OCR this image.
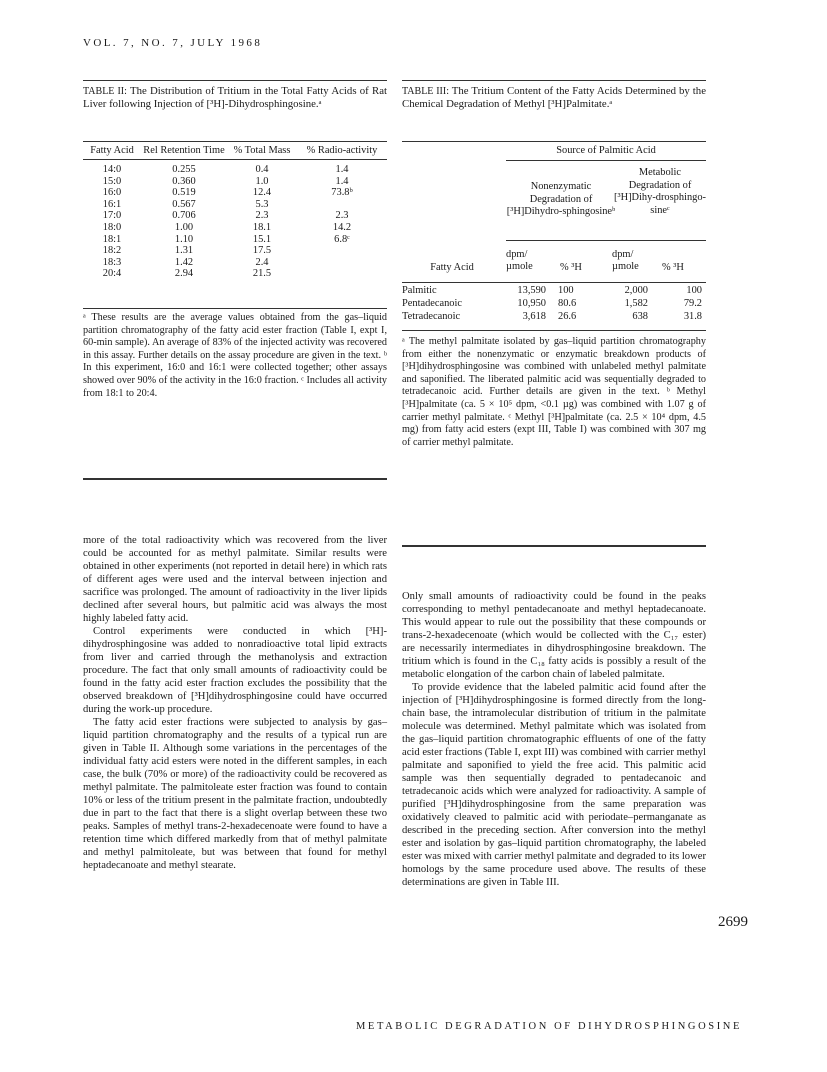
VOL. 7, NO. 7, JULY 1968
TABLE II: The Distribution of Tritium in the Total Fatty Acids of Rat Liver following Injection of [³H]-Dihydrosphingosine.ᵃ
Fatty Acid	Rel Retention Time	% Total Mass	% Radio-activity

14:0	0.255	0.4	1.4
15:0	0.360	1.0	1.4
16:0	0.519	12.4	73.8ᵇ
16:1	0.567	5.3	
17:0	0.706	2.3	2.3
18:0	1.00	18.1	14.2
18:1	1.10	15.1	6.8ᶜ
18:2	1.31	17.5	
18:3	1.42	2.4	
20:4	2.94	21.5	
ᵃ These results are the average values obtained from the gas–liquid partition chromatography of the fatty acid ester fraction (Table I, expt I, 60-min sample). An average of 83% of the injected activity was recovered in this assay. Further details on the assay procedure are given in the text. ᵇ In this experiment, 16:0 and 16:1 were collected together; other assays showed over 90% of the activity in the 16:0 fraction. ᶜ Includes all activity from 18:1 to 20:4.
TABLE III: The Tritium Content of the Fatty Acids Determined by the Chemical Degradation of Methyl [³H]Palmitate.ᵃ
Source of Palmitic Acid
Nonenzymatic Degradation of [³H]Dihydro-sphingosineᵇ
Metabolic Degradation of [³H]Dihy-drosphingo-sineᶜ
Fatty Acid
dpm/ µmole	% ³H
dpm/ µmole	% ³H
Palmitic	13,590 100	2,000	100
Pentadecanoic	10,950 80.6	1,582	79.2
Tetradecanoic	3,618 26.6	638	31.8
ᵃ The methyl palmitate isolated by gas–liquid partition chromatography from either the nonenzymatic or enzymatic breakdown products of [³H]dihydrosphingosine was combined with unlabeled methyl palmitate and saponified. The liberated palmitic acid was sequentially degraded to tetradecanoic acid. Further details are given in the text. ᵇ Methyl [³H]palmitate (ca. 5 × 10⁵ dpm, <0.1 µg) was combined with 1.07 g of carrier methyl palmitate. ᶜ Methyl [³H]palmitate (ca. 2.5 × 10⁴ dpm, 4.5 mg) from fatty acid esters (expt III, Table I) was combined with 307 mg of carrier methyl palmitate.

more of the total radioactivity which was recovered from the liver could be accounted for as methyl palmitate. Similar results were obtained in other experiments (not reported in detail here) in which rats of different ages were used and the interval between injection and sacrifice was prolonged. The amount of radioactivity in the liver lipids declined after several hours, but palmitic acid was always the most highly labeled fatty acid.

Control experiments were conducted in which [³H]-dihydrosphingosine was added to nonradioactive total lipid extracts from liver and carried through the methanolysis and extraction procedure. The fact that only small amounts of radioactivity could be found in the fatty acid ester fraction excludes the possibility that the observed breakdown of [³H]dihydrosphingosine could have occurred during the work-up procedure.

The fatty acid ester fractions were subjected to analysis by gas–liquid partition chromatography and the results of a typical run are given in Table II. Although some variations in the percentages of the individual fatty acid esters were noted in the different samples, in each case, the bulk (70% or more) of the radioactivity could be recovered as methyl palmitate. The palmitoleate ester fraction was found to contain 10% or less of the tritium present in the palmitate fraction, undoubtedly due in part to the fact that there is a slight overlap between these two peaks. Samples of methyl trans-2-hexadecenoate were found to have a retention time which differed markedly from that of methyl palmitate and methyl palmitoleate, but was between that found for methyl heptadecanoate and methyl stearate.

Only small amounts of radioactivity could be found in the peaks corresponding to methyl pentadecanoate and methyl heptadecanoate. This would appear to rule out the possibility that these compounds or trans-2-hexadecenoate (which would be collected with the C₁₇ ester) are necessarily intermediates in dihydrosphingosine breakdown. The tritium which is found in the C₁₈ fatty acids is possibly a result of the metabolic elongation of the carbon chain of labeled palmitate.

To provide evidence that the labeled palmitic acid found after the injection of [³H]dihydrosphingosine is formed directly from the long-chain base, the intramolecular distribution of tritium in the palmitate molecule was determined. Methyl palmitate which was isolated from the gas–liquid partition chromatographic effluents of one of the fatty acid ester fractions (Table I, expt III) was combined with carrier methyl palmitate and saponified to yield the free acid. This palmitic acid sample was then sequentially degraded to pentadecanoic and tetradecanoic acids which were analyzed for radioactivity. A sample of purified [³H]dihydrosphingosine from the same preparation was oxidatively cleaved to palmitic acid with periodate–permanganate as described in the preceding section. After conversion into the methyl ester and isolation by gas–liquid partition chromatography, the labeled ester was mixed with carrier methyl palmitate and degraded to its lower homologs by the same procedure used above. The results of these determinations are given in Table III.

2699
METABOLIC DEGRADATION OF DIHYDROSPHINGOSINE
